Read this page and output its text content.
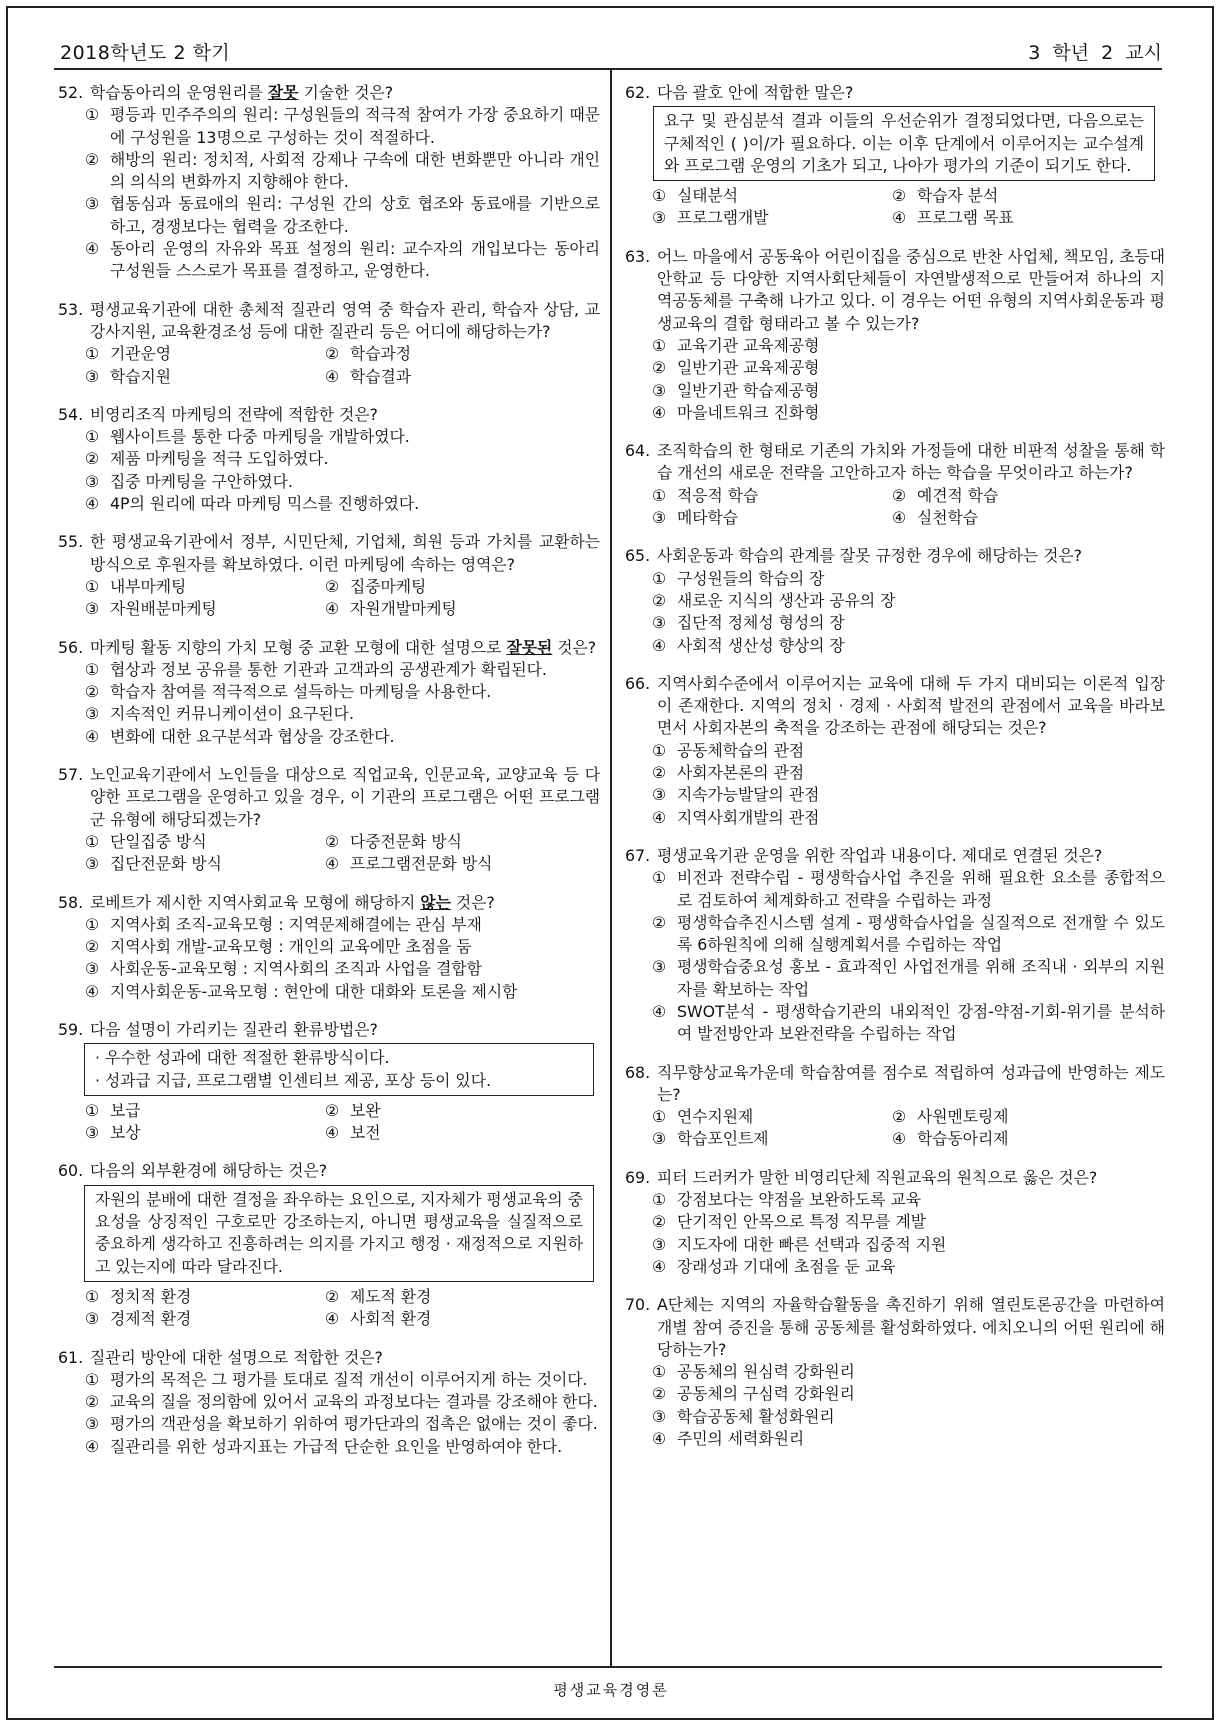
2018학년도 2 학기	3 학년 2 교시
52. 학습동아리의 운영원리를 잘못 기술한 것은?
① 평등과 민주주의의 원리: 구성원들의 적극적 참여가 가장 중요하기 때문에 구성원을 13명으로 구성하는 것이 적절하다.
② 해방의 원리: 정치적, 사회적 강제나 구속에 대한 변화뿐만 아니라 개인의 의식의 변화까지 지향해야 한다.
③ 협동심과 동료애의 원리: 구성원 간의 상호 협조와 동료애를 기반으로 하고, 경쟁보다는 협력을 강조한다.
④ 동아리 운영의 자유와 목표 설정의 원리: 교수자의 개입보다는 동아리 구성원들 스스로가 목표를 결정하고, 운영한다.
53. 평생교육기관에 대한 총체적 질관리 영역 중 학습자 관리, 학습자 상담, 교강사지원, 교육환경조성 등에 대한 질관리 등은 어디에 해당하는가?
① 기관운영	② 학습과정
③ 학습지원	④ 학습결과
54. 비영리조직 마케팅의 전략에 적합한 것은?
① 웹사이트를 통한 다중 마케팅을 개발하였다.
② 제품 마케팅을 적극 도입하였다.
③ 집중 마케팅을 구안하였다.
④ 4P의 원리에 따라 마케팅 믹스를 진행하였다.
55. 한 평생교육기관에서 정부, 시민단체, 기업체, 희원 등과 가치를 교환하는 방식으로 후원자를 확보하였다. 이런 마케팅에 속하는 영역은?
① 내부마케팅	② 집중마케팅
③ 자원배분마케팅	④ 자원개발마케팅
56. 마케팅 활동 지향의 가치 모형 중 교환 모형에 대한 설명으로 잘못된 것은?
① 협상과 정보 공유를 통한 기관과 고객과의 공생관계가 확립된다.
② 학습자 참여를 적극적으로 설득하는 마케팅을 사용한다.
③ 지속적인 커뮤니케이션이 요구된다.
④ 변화에 대한 요구분석과 협상을 강조한다.
57. 노인교육기관에서 노인들을 대상으로 직업교육, 인문교육, 교양교육 등 다양한 프로그램을 운영하고 있을 경우, 이 기관의 프로그램은 어떤 프로그램군 유형에 해당되겠는가?
① 단일집중 방식	② 다중전문화 방식
③ 집단전문화 방식	④ 프로그램전문화 방식
58. 로베트가 제시한 지역사회교육 모형에 해당하지 않는 것은?
① 지역사회 조직-교육모형 : 지역문제해결에는 관심 부재
② 지역사회 개발-교육모형 : 개인의 교육에만 초점을 둠
③ 사회운동-교육모형 : 지역사회의 조직과 사업을 결합함
④ 지역사회운동-교육모형 : 현안에 대한 대화와 토론을 제시함
59. 다음 설명이 가리키는 질관리 환류방법은?
· 우수한 성과에 대한 적절한 환류방식이다.
· 성과급 지급, 프로그램별 인센티브 제공, 포상 등이 있다.
① 보급	② 보완
③ 보상	④ 보전
60. 다음의 외부환경에 해당하는 것은?
자원의 분배에 대한 결정을 좌우하는 요인으로, 지자체가 평생교육의 중요성을 상징적인 구호로만 강조하는지, 아니면 평생교육을 실질적으로 중요하게 생각하고 진흥하려는 의지를 가지고 행정 · 재정적으로 지원하고 있는지에 따라 달라진다.
① 정치적 환경	② 제도적 환경
③ 경제적 환경	④ 사회적 환경
61. 질관리 방안에 대한 설명으로 적합한 것은?
① 평가의 목적은 그 평가를 토대로 질적 개선이 이루어지게 하는 것이다.
② 교육의 질을 정의함에 있어서 교육의 과정보다는 결과를 강조해야 한다.
③ 평가의 객관성을 확보하기 위하여 평가단과의 접촉은 없애는 것이 좋다.
④ 질관리를 위한 성과지표는 가급적 단순한 요인을 반영하여야 한다.
62. 다음 괄호 안에 적합한 말은?
요구 및 관심분석 결과 이들의 우선순위가 결정되었다면, 다음으로는 구체적인 ( )이/가 필요하다. 이는 이후 단계에서 이루어지는 교수설계와 프로그램 운영의 기초가 되고, 나아가 평가의 기준이 되기도 한다.
① 실태분석	② 학습자 분석
③ 프로그램개발	④ 프로그램 목표
63. 어느 마을에서 공동육아 어린이집을 중심으로 반찬 사업체, 책모임, 초등대안학교 등 다양한 지역사회단체들이 자연발생적으로 만들어져 하나의 지역공동체를 구축해 나가고 있다. 이 경우는 어떤 유형의 지역사회운동과 평생교육의 결합 형태라고 볼 수 있는가?
① 교육기관 교육제공형
② 일반기관 교육제공형
③ 일반기관 학습제공형
④ 마을네트워크 진화형
64. 조직학습의 한 형태로 기존의 가치와 가정들에 대한 비판적 성찰을 통해 학습 개선의 새로운 전략을 고안하고자 하는 학습을 무엇이라고 하는가?
① 적응적 학습	② 예견적 학습
③ 메타학습	④ 실천학습
65. 사회운동과 학습의 관계를 잘못 규정한 경우에 해당하는 것은?
① 구성원들의 학습의 장
② 새로운 지식의 생산과 공유의 장
③ 집단적 정체성 형성의 장
④ 사회적 생산성 향상의 장
66. 지역사회수준에서 이루어지는 교육에 대해 두 가지 대비되는 이론적 입장이 존재한다. 지역의 정치 · 경제 · 사회적 발전의 관점에서 교육을 바라보면서 사회자본의 축적을 강조하는 관점에 해당되는 것은?
① 공동체학습의 관점
② 사회자본론의 관점
③ 지속가능발달의 관점
④ 지역사회개발의 관점
67. 평생교육기관 운영을 위한 작업과 내용이다. 제대로 연결된 것은?
① 비전과 전략수립 - 평생학습사업 추진을 위해 필요한 요소를 종합적으로 검토하여 체계화하고 전략을 수립하는 과정
② 평생학습추진시스템 설계 - 평생학습사업을 실질적으로 전개할 수 있도록 6하원칙에 의해 실행계획서를 수립하는 작업
③ 평생학습중요성 홍보 - 효과적인 사업전개를 위해 조직내 · 외부의 지원자를 확보하는 작업
④ SWOT분석 - 평생학습기관의 내외적인 강점-약점-기회-위기를 분석하여 발전방안과 보완전략을 수립하는 작업
68. 직무향상교육가운데 학습참여를 점수로 적립하여 성과급에 반영하는 제도는?
① 연수지원제	② 사원멘토링제
③ 학습포인트제	④ 학습동아리제
69. 피터 드러커가 말한 비영리단체 직원교육의 원칙으로 옳은 것은?
① 강점보다는 약점을 보완하도록 교육
② 단기적인 안목으로 특정 직무를 계발
③ 지도자에 대한 빠른 선택과 집중적 지원
④ 장래성과 기대에 초점을 둔 교육
70. A단체는 지역의 자율학습활동을 촉진하기 위해 열린토론공간을 마련하여 개별 참여 증진을 통해 공동체를 활성화하였다. 에치오니의 어떤 원리에 해당하는가?
① 공동체의 원심력 강화원리
② 공동체의 구심력 강화원리
③ 학습공동체 활성화원리
④ 주민의 세력화원리
평생교육경영론
